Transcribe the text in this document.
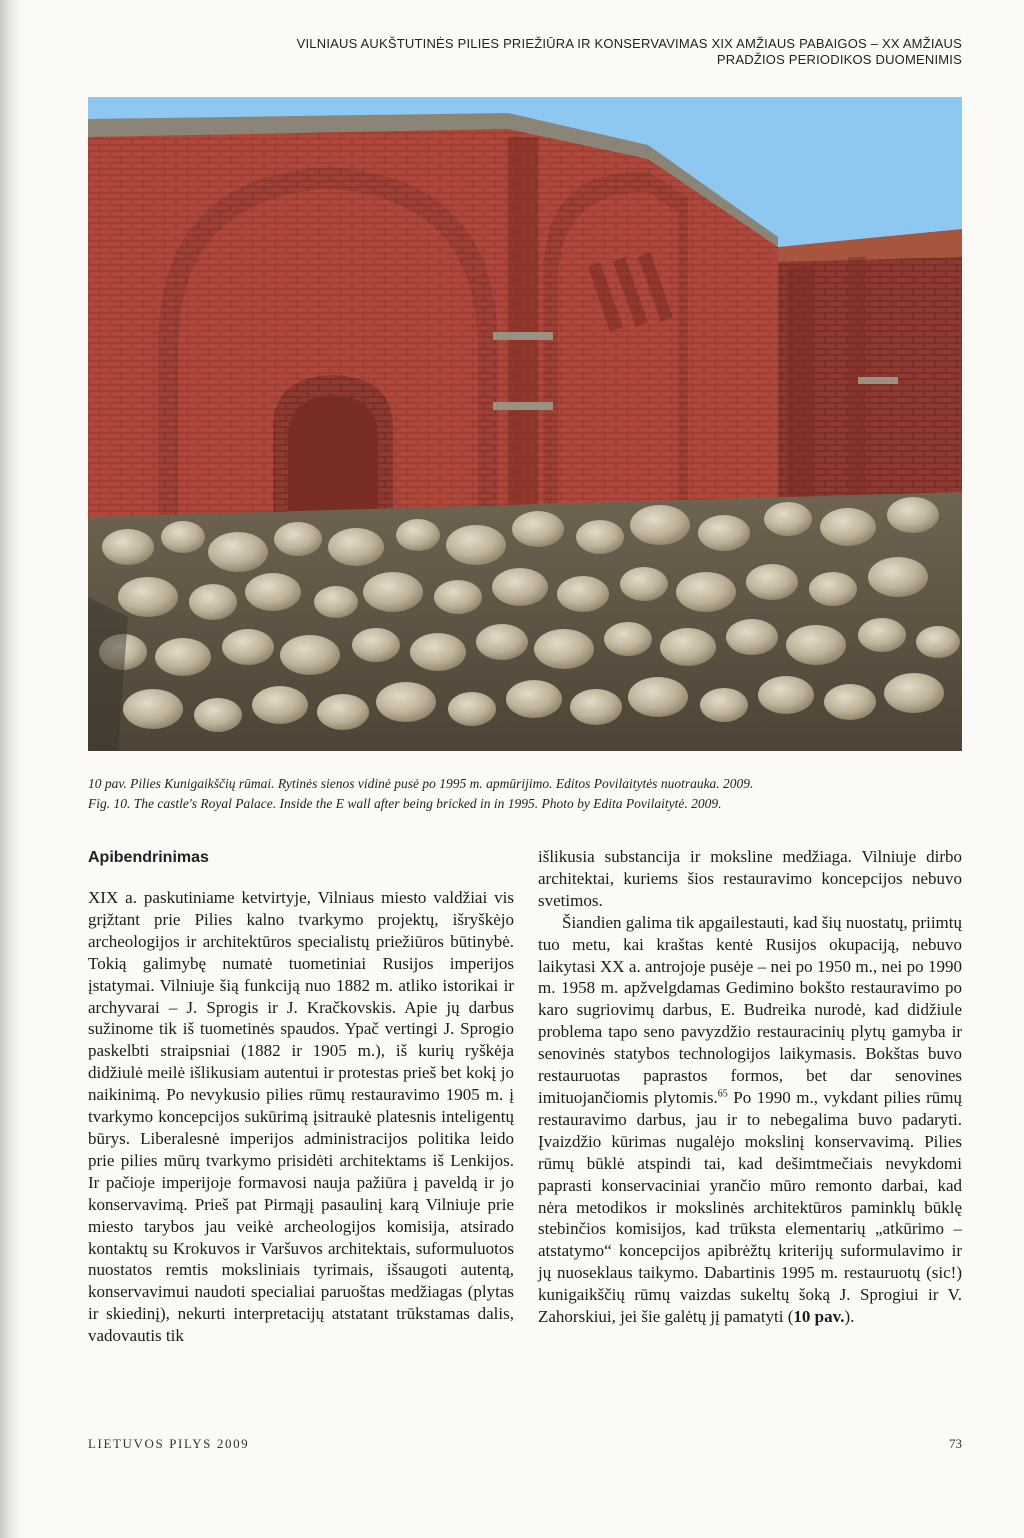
VILNIAUS AUKŠTUTINĖS PILIES PRIEŽIŪRA IR KONSERVAVIMAS XIX AMŽIAUS PABAIGOS – XX AMŽIAUS
PRADŽIOS PERIODIKOS DUOMENIMIS
10 pav. Pilies Kunigaikščių rūmai. Rytinės sienos vidinė pusė po 1995 m. apmūrijimo. Editos Povilaitytės nuotrauka. 2009.
Fig. 10. The castle's Royal Palace. Inside the E wall after being bricked in in 1995. Photo by Edita Povilaitytė. 2009.
Apibendrinimas

XIX a. paskutiniame ketvirtyje, Vilniaus miesto valdžiai vis grįžtant prie Pilies kalno tvarkymo projektų, išryškėjo archeologijos ir architektūros specialistų priežiūros būtinybė. Tokią galimybę numatė tuometiniai Rusijos imperijos įstatymai. Vilniuje šią funkciją nuo 1882 m. atliko istorikai ir archyvarai – J. Sprogis ir J. Kračkovskis. Apie jų darbus sužinome tik iš tuometinės spaudos. Ypač vertingi J. Sprogio paskelbti straipsniai (1882 ir 1905 m.), iš kurių ryškėja didžiulė meilė išlikusiam autentui ir protestas prieš bet kokį jo naikinimą. Po nevykusio pilies rūmų restauravimo 1905 m. į tvarkymo koncepcijos sukūrimą įsitraukė platesnis inteligentų būrys. Liberalesnė imperijos administracijos politika leido prie pilies mūrų tvarkymo prisidėti architektams iš Lenkijos. Ir pačioje imperijoje formavosi nauja pažiūra į paveldą ir jo konservavimą. Prieš pat Pirmąjį pasaulinį karą Vilniuje prie miesto tarybos jau veikė archeologijos komisija, atsirado kontaktų su Krokuvos ir Varšuvos architektais, suformuluotos nuostatos remtis moksliniais tyrimais, išsaugoti autentą, konservavimui naudoti specialiai paruoštas medžiagas (plytas ir skiedinį), nekurti interpretacijų atstatant trūkstamas dalis, vadovautis tik

išlikusia substancija ir moksline medžiaga. Vilniuje dirbo architektai, kuriems šios restauravimo koncepcijos nebuvo svetimos.

Šiandien galima tik apgailestauti, kad šių nuostatų, priimtų tuo metu, kai kraštas kentė Rusijos okupaciją, nebuvo laikytasi XX a. antrojoje pusėje – nei po 1950 m., nei po 1990 m. 1958 m. apžvelgdamas Gedimino bokšto restauravimo po karo sugriovimų darbus, E. Budreika nurodė, kad didžiule problema tapo seno pavyzdžio restauracinių plytų gamyba ir senovinės statybos technologijos laikymasis. Bokštas buvo restauruotas paprastos formos, bet dar senovines imituojančiomis plytomis.$^{65}$ Po 1990 m., vykdant pilies rūmų restauravimo darbus, jau ir to nebegalima buvo padaryti. Įvaizdžio kūrimas nugalėjo mokslinį konservavimą. Pilies rūmų būklė atspindi tai, kad dešimtmečiais nevykdomi paprasti konservaciniai yrančio mūro remonto darbai, kad nėra metodikos ir mokslinės architektūros paminklų būklę stebinčios komisijos, kad trūksta elementarių „atkūrimo – atstatymo“ koncepcijos apibrėžtų kriterijų suformulavimo ir jų nuoseklaus taikymo. Dabartinis 1995 m. restauruotų (sic!) kunigaikščių rūmų vaizdas sukeltų šoką J. Sprogiui ir V. Zahorskiui, jei šie galėtų jį pamatyti (10 pav.).

LIETUVOS PILYS 2009	73
